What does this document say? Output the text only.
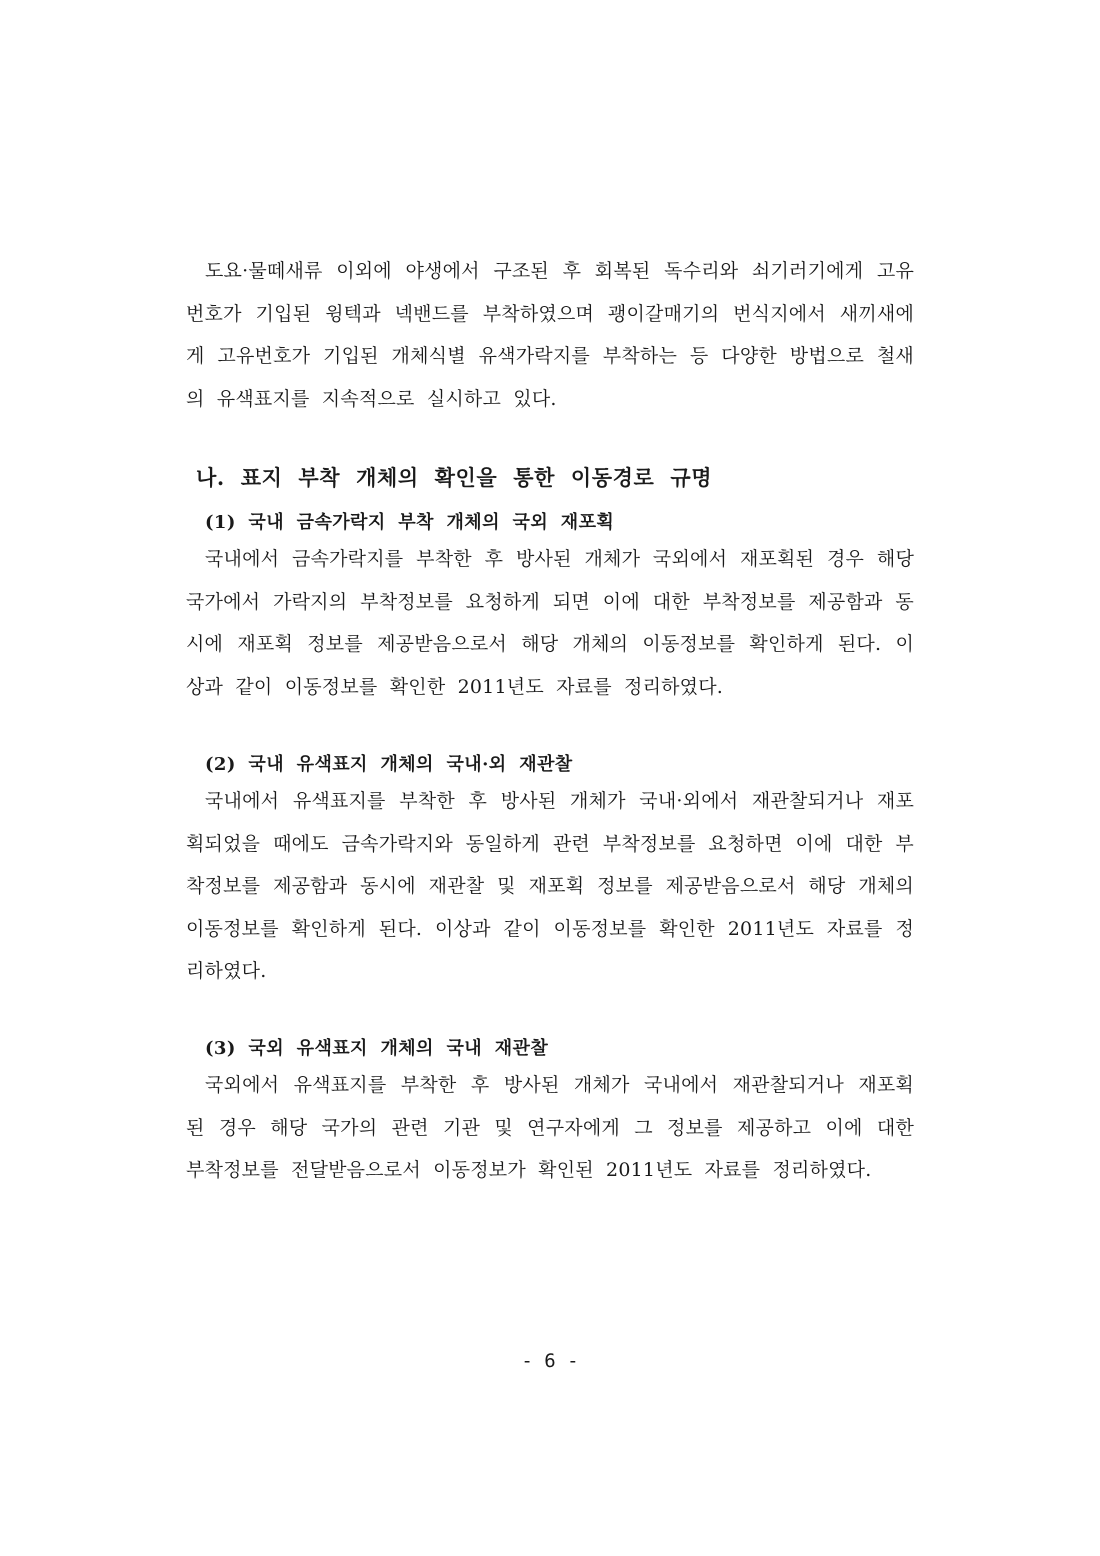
도요·물떼새류 이외에 야생에서 구조된 후 회복된 독수리와 쇠기러기에게 고유번호가 기입된 윙텍과 넥밴드를 부착하였으며 괭이갈매기의 번식지에서 새끼새에게 고유번호가 기입된 개체식별 유색가락지를 부착하는 등 다양한 방법으로 철새의 유색표지를 지속적으로 실시하고 있다.

나. 표지 부착 개체의 확인을 통한 이동경로 규명
(1) 국내 금속가락지 부착 개체의 국외 재포획

국내에서 금속가락지를 부착한 후 방사된 개체가 국외에서 재포획된 경우 해당국가에서 가락지의 부착정보를 요청하게 되면 이에 대한 부착정보를 제공함과 동시에 재포획 정보를 제공받음으로서 해당 개체의 이동정보를 확인하게 된다. 이상과 같이 이동정보를 확인한 2011년도 자료를 정리하였다.

(2) 국내 유색표지 개체의 국내·외 재관찰

국내에서 유색표지를 부착한 후 방사된 개체가 국내·외에서 재관찰되거나 재포획되었을 때에도 금속가락지와 동일하게 관련 부착정보를 요청하면 이에 대한 부착정보를 제공함과 동시에 재관찰 및 재포획 정보를 제공받음으로서 해당 개체의 이동정보를 확인하게 된다. 이상과 같이 이동정보를 확인한 2011년도 자료를 정리하였다.

(3) 국외 유색표지 개체의 국내 재관찰

국외에서 유색표지를 부착한 후 방사된 개체가 국내에서 재관찰되거나 재포획된 경우 해당 국가의 관련 기관 및 연구자에게 그 정보를 제공하고 이에 대한 부착정보를 전달받음으로서 이동정보가 확인된 2011년도 자료를 정리하였다.

- 6 -
